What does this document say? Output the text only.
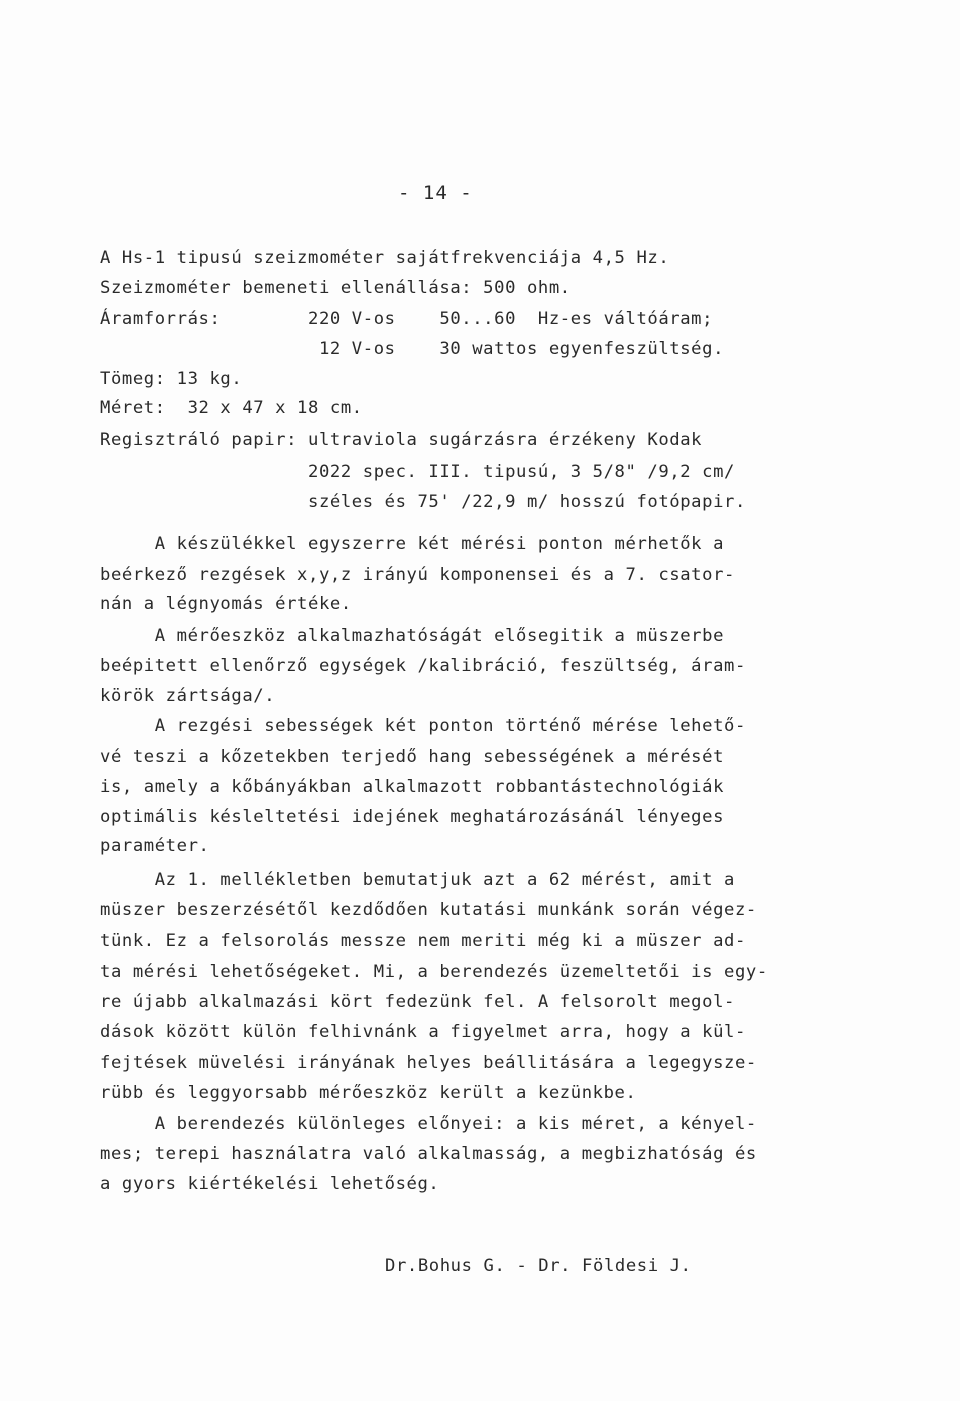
- 14 -
A Hs-1 tipusú szeizmométer sajátfrekvenciája 4,5 Hz.
Szeizmométer bemeneti ellenállása: 500 ohm.
Áramforrás:        220 V-os    50...60  Hz-es váltóáram;
12 V-os    30 wattos egyenfeszültség.
Tömeg: 13 kg.
Méret:  32 x 47 x 18 cm.
Regisztráló papir: ultraviola sugárzásra érzékeny Kodak
2022 spec. III. tipusú, 3 5/8" /9,2 cm/
széles és 75' /22,9 m/ hosszú fotópapir.
A készülékkel egyszerre két mérési ponton mérhetők a
beérkező rezgések x,y,z irányú komponensei és a 7. csator-
nán a légnyomás értéke.
A mérőeszköz alkalmazhatóságát elősegitik a müszerbe
beépitett ellenőrző egységek /kalibráció, feszültség, áram-
körök zártsága/.
A rezgési sebességek két ponton történő mérése lehető-
vé teszi a kőzetekben terjedő hang sebességének a mérését
is, amely a kőbányákban alkalmazott robbantástechnológiák
optimális késleltetési idejének meghatározásánál lényeges
paraméter.
Az 1. mellékletben bemutatjuk azt a 62 mérést, amit a
müszer beszerzésétől kezdődően kutatási munkánk során végez-
tünk. Ez a felsorolás messze nem meriti még ki a müszer ad-
ta mérési lehetőségeket. Mi, a berendezés üzemeltetői is egy-
re újabb alkalmazási kört fedezünk fel. A felsorolt megol-
dások között külön felhivnánk a figyelmet arra, hogy a kül-
fejtések müvelési irányának helyes beállitására a legegysze-
rübb és leggyorsabb mérőeszköz került a kezünkbe.
A berendezés különleges előnyei: a kis méret, a kényel-
mes; terepi használatra való alkalmasság, a megbizhatóság és
a gyors kiértékelési lehetőség.
Dr.Bohus G. - Dr. Földesi J.
